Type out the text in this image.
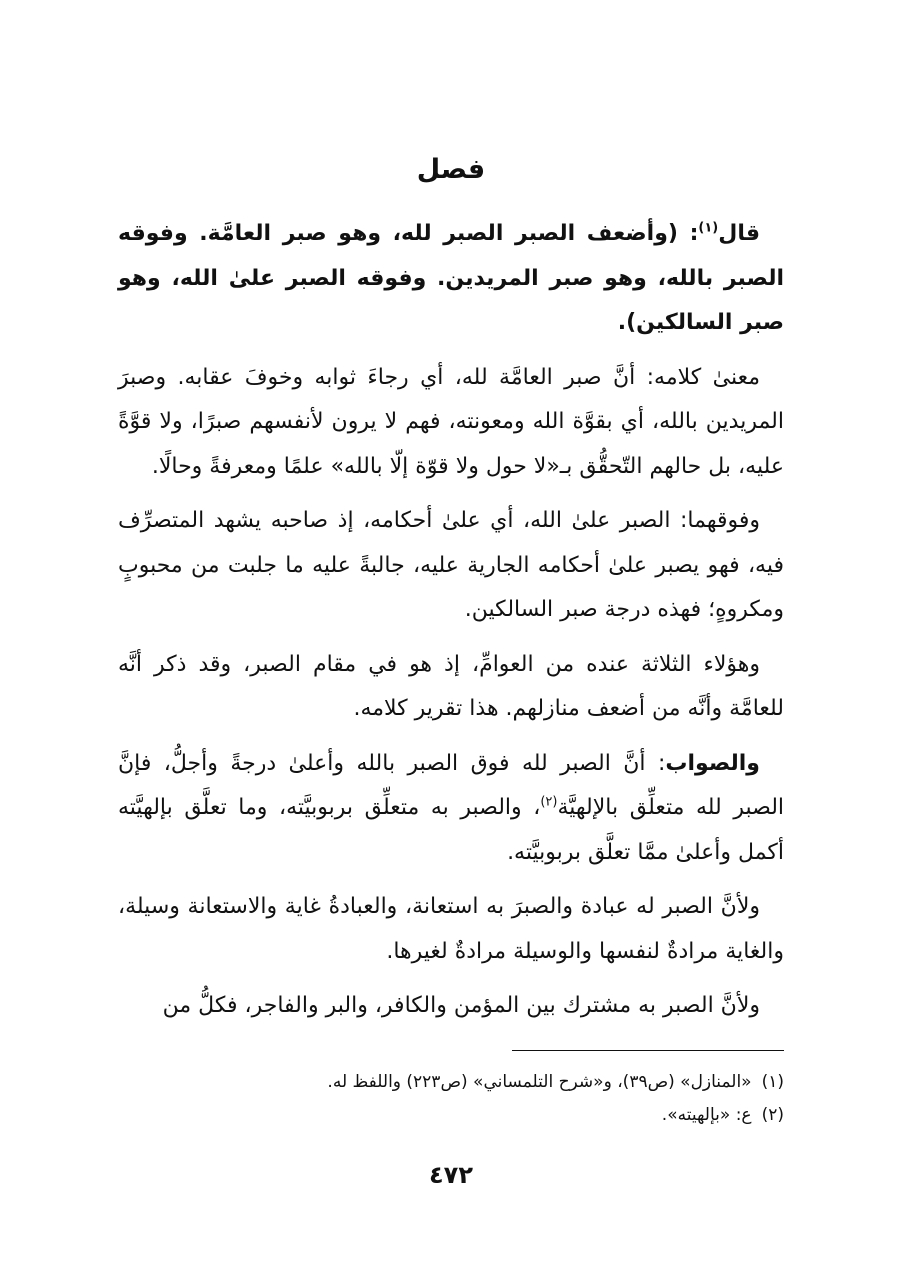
فصل

قال$^{(١)}$: (وأضعف الصبر الصبر لله، وهو صبر العامَّة. وفوقه الصبر بالله، وهو صبر المريدين. وفوقه الصبر علىٰ الله، وهو صبر السالكين).

معنىٰ كلامه: أنَّ صبر العامَّة لله، أي رجاءَ ثوابه وخوفَ عقابه. وصبرَ المريدين بالله، أي بقوَّة الله ومعونته، فهم لا يرون لأنفسهم صبرًا، ولا قوَّةً عليه، بل حالهم التّحقُّق بـ«لا حول ولا قوّة إلّا بالله» علمًا ومعرفةً وحالًا.

وفوقهما: الصبر علىٰ الله، أي علىٰ أحكامه، إذ صاحبه يشهد المتصرِّف فيه، فهو يصبر علىٰ أحكامه الجارية عليه، جالبةً عليه ما جلبت من محبوبٍ ومكروهٍ؛ فهذه درجة صبر السالكين.

وهؤلاء الثلاثة عنده من العوامِّ، إذ هو في مقام الصبر، وقد ذكر أنَّه للعامَّة وأنَّه من أضعف منازلهم. هذا تقرير كلامه.

والصواب: أنَّ الصبر لله فوق الصبر بالله وأعلىٰ درجةً وأجلُّ، فإنَّ الصبر لله متعلِّق بالإلهيَّة$^{(٢)}$، والصبر به متعلِّق بربوبيَّته، وما تعلَّق بإلهيَّته أكمل وأعلىٰ ممَّا تعلَّق بربوبيَّته.

ولأنَّ الصبر له عبادة والصبرَ به استعانة، والعبادةُ غاية والاستعانة وسيلة، والغاية مرادةٌ لنفسها والوسيلة مرادةٌ لغيرها.

ولأنَّ الصبر به مشترك بين المؤمن والكافر، والبر والفاجر، فكلُّ من

(١)«المنازل» (ص٣٩)، و«شرح التلمساني» (ص٢٢٣) واللفظ له.

(٢)ع: «بإلهيته».

٤٧٢
